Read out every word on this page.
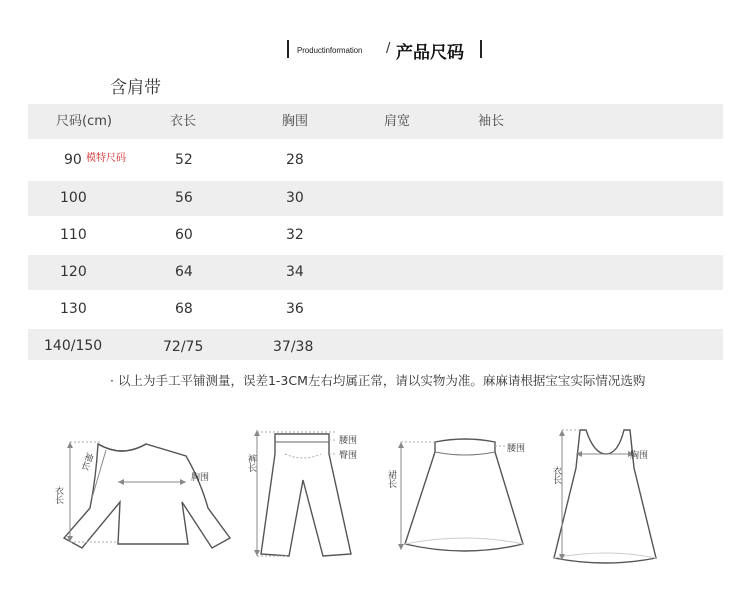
Productinformation / 产品尺码
含肩带
尺码(cm)	衣长	胸围	肩宽	袖长
90 模特尺码	52	28
100	56	30
110	60	32
120	64	34
130	68	36
140/150	72/75	37/38
· 以上为手工平铺测量，误差1-3CM左右均属正常，请以实物为准。麻麻请根据宝宝实际情况选购
衣长
袖长
胸围
裤长
腰围
臀围
裙长
腰围
衣长
胸围
